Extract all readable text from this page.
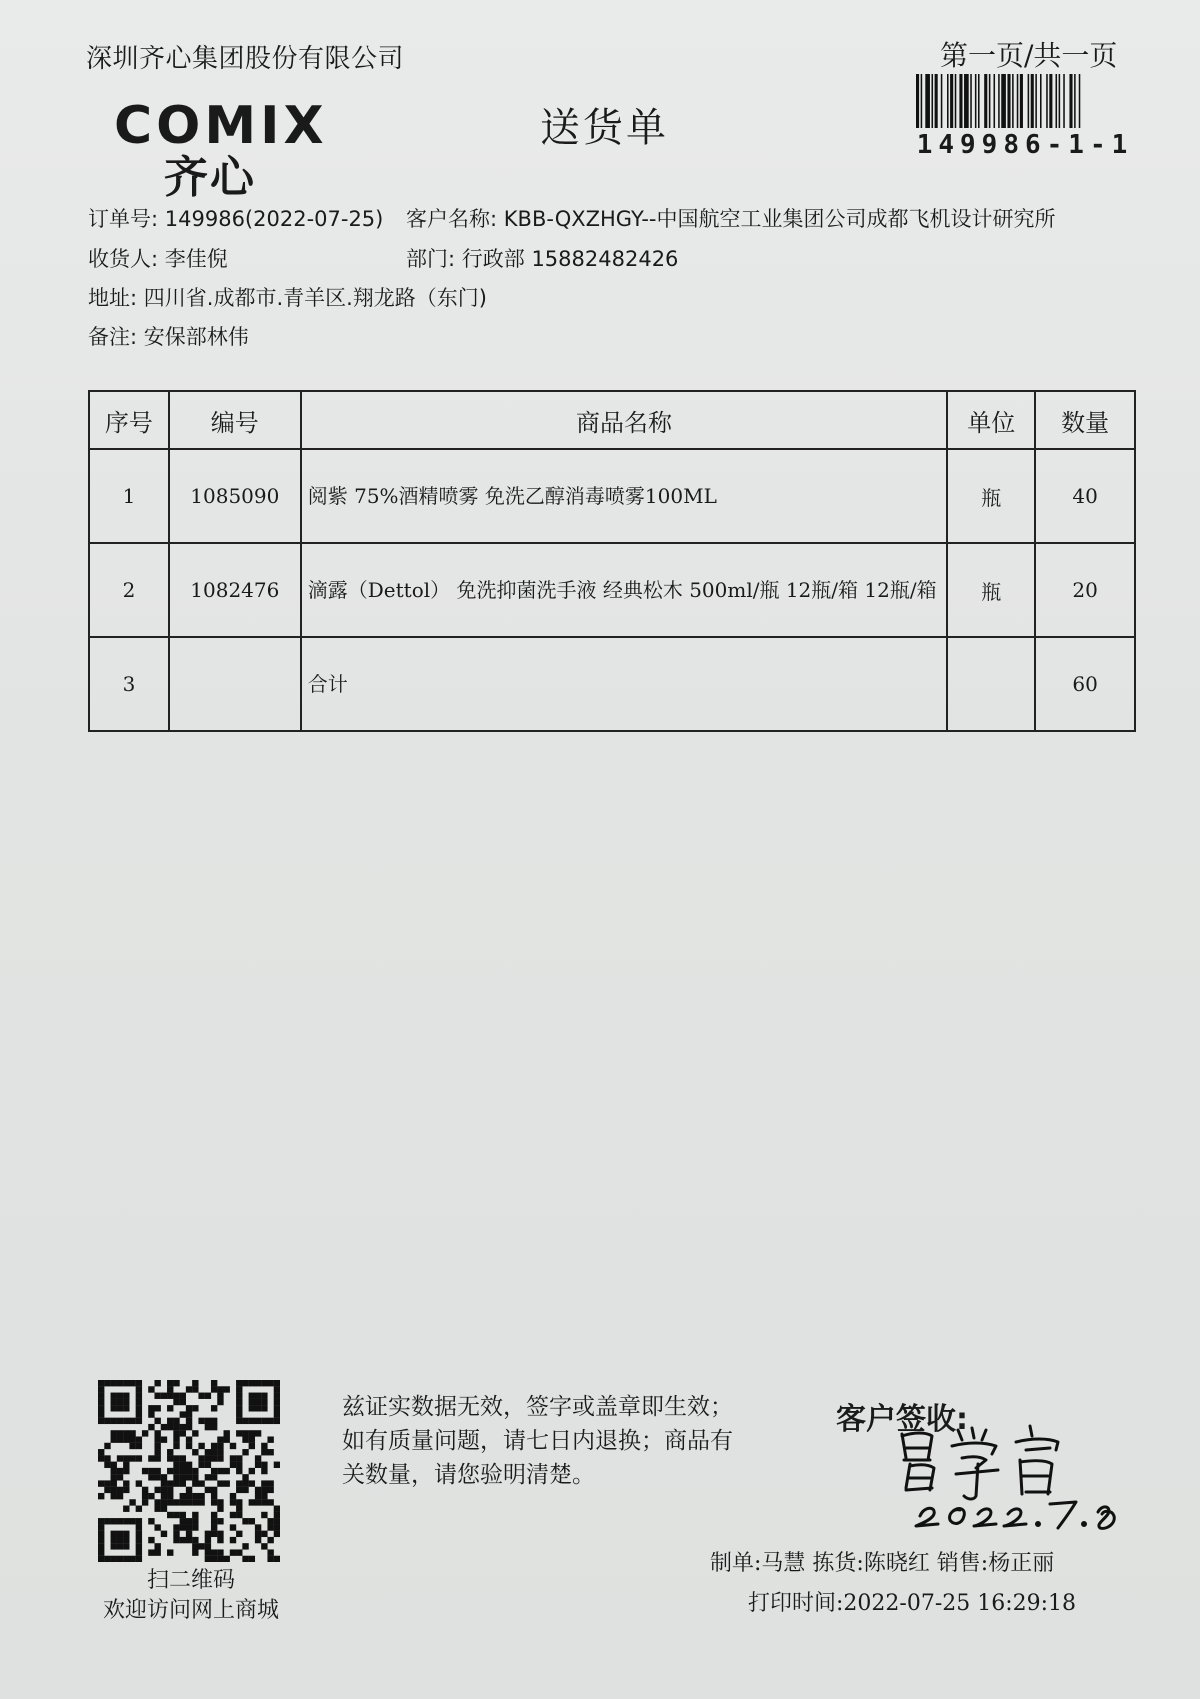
深圳齐心集团股份有限公司	第一页/共一页
COMIX
齐心
送货单	149986-1-1
订单号: 149986(2022-07-25) 客户名称: KBB-QXZHGY--中国航空工业集团公司成都飞机设计研究所
收货人: 李佳倪	部门: 行政部 15882482426
地址: 四川省.成都市.青羊区.翔龙路（东门)
备注: 安保部林伟
序号	编号	商品名称	单位	数量
1	1085090	阅紫 75%酒精喷雾 免洗乙醇消毒喷雾100ML	瓶	40
2	1082476	滴露（Dettol） 免洗抑菌洗手液 经典松木 500ml/瓶 12瓶/箱 12瓶/箱	瓶	20
3		合计		60
扫二维码
欢迎访问网上商城
兹证实数据无效，签字或盖章即生效；如有质量问题，请七日内退换；商品有关数量，请您验明清楚。
客户签收:
制单:马慧 拣货:陈晓红 销售:杨正丽
打印时间:2022-07-25 16:29:18
